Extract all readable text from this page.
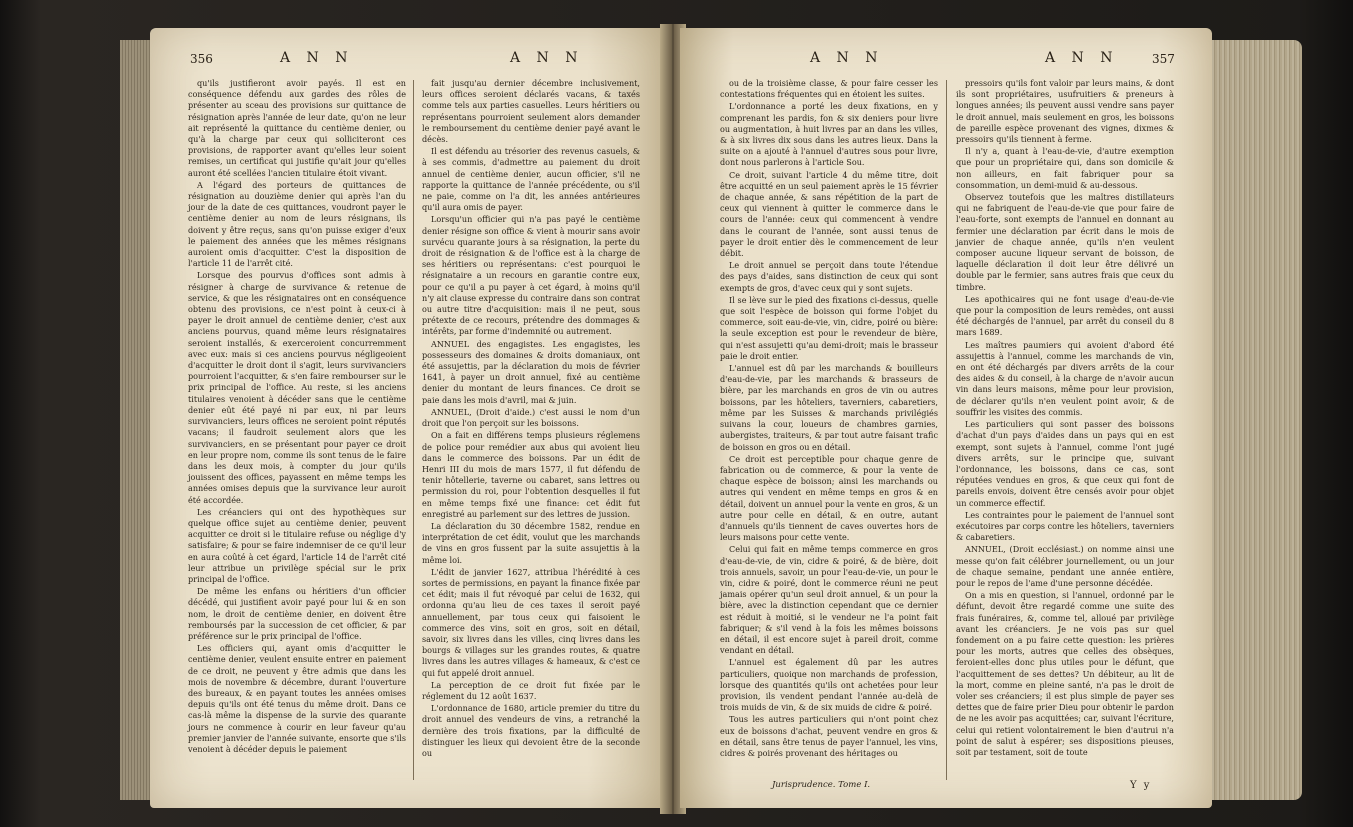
356	A N N	A N N

qu'ils justifieront avoir payés. Il est en conséquence défendu aux gardes des rôles de présenter au sceau des provisions sur quittance de résignation après l'année de leur date, qu'on ne leur ait représenté la quittance du centième denier, ou qu'à la charge par ceux qui solliciteront ces provisions, de rapporter avant qu'elles leur soient remises, un certificat qui justifie qu'ait jour qu'elles auront été scellées l'ancien titulaire étoit vivant.

A l'égard des porteurs de quittances de résignation au douzième denier qui après l'an du jour de la date de ces quittances, voudront payer le centième denier au nom de leurs résignans, ils doivent y être reçus, sans qu'on puisse exiger d'eux le paiement des années que les mêmes résignans auroient omis d'acquitter. C'est la disposition de l'article 11 de l'arrêt cité.

Lorsque des pourvus d'offices sont admis à résigner à charge de survivance & retenue de service, & que les résignataires ont en conséquence obtenu des provisions, ce n'est point à ceux-ci à payer le droit annuel de centième denier, c'est aux anciens pourvus, quand même leurs résignataires seroient installés, & exerceroient concurremment avec eux: mais si ces anciens pourvus négligeoient d'acquitter le droit dont il s'agit, leurs survivanciers pourroient l'acquitter, & s'en faire rembourser sur le prix principal de l'office. Au reste, si les anciens titulaires venoient à décéder sans que le centième denier eût été payé ni par eux, ni par leurs survivanciers, leurs offices ne seroient point réputés vacans; il faudroit seulement alors que les survivanciers, en se présentant pour payer ce droit en leur propre nom, comme ils sont tenus de le faire dans les deux mois, à compter du jour qu'ils jouissent des offices, payassent en même temps les années omises depuis que la survivance leur auroit été accordée.

Les créanciers qui ont des hypothèques sur quelque office sujet au centième denier, peuvent acquitter ce droit si le titulaire refuse ou néglige d'y satisfaire; & pour se faire indemniser de ce qu'il leur en aura coûté à cet égard, l'article 14 de l'arrêt cité leur attribue un privilège spécial sur le prix principal de l'office.

De même les enfans ou héritiers d'un officier décédé, qui justifient avoir payé pour lui & en son nom, le droit de centième denier, en doivent être remboursés par la succession de cet officier, & par préférence sur le prix principal de l'office.

Les officiers qui, ayant omis d'acquitter le centième denier, veulent ensuite entrer en paiement de ce droit, ne peuvent y être admis que dans les mois de novembre & décembre, durant l'ouverture des bureaux, & en payant toutes les années omises depuis qu'ils ont été tenus du même droit. Dans ce cas-là même la dispense de la survie des quarante jours ne commence à courir en leur faveur qu'au premier janvier de l'année suivante, ensorte que s'ils venoient à décéder depuis le paiement

fait jusqu'au dernier décembre inclusivement, leurs offices seroient déclarés vacans, & taxés comme tels aux parties casuelles. Leurs héritiers ou représentans pourroient seulement alors demander le remboursement du centième denier payé avant le décès.

Il est défendu au trésorier des revenus casuels, & à ses commis, d'admettre au paiement du droit annuel de centième denier, aucun officier, s'il ne rapporte la quittance de l'année précédente, ou s'il ne paie, comme on l'a dit, les années antérieures qu'il aura omis de payer.

Lorsqu'un officier qui n'a pas payé le centième denier résigne son office & vient à mourir sans avoir survécu quarante jours à sa résignation, la perte du droit de résignation & de l'office est à la charge de ses héritiers ou représentans: c'est pourquoi le résignataire a un recours en garantie contre eux, pour ce qu'il a pu payer à cet égard, à moins qu'il n'y ait clause expresse du contraire dans son contrat ou autre titre d'acquisition: mais il ne peut, sous prétexte de ce recours, prétendre des dommages & intérêts, par forme d'indemnité ou autrement.

ANNUEL des engagistes. Les engagistes, les possesseurs des domaines & droits domaniaux, ont été assujettis, par la déclaration du mois de février 1641, à payer un droit annuel, fixé au centième denier du montant de leurs finances. Ce droit se paie dans les mois d'avril, mai & juin.

ANNUEL, (Droit d'aide.) c'est aussi le nom d'un droit que l'on perçoit sur les boissons.

On a fait en différens temps plusieurs réglemens de police pour remédier aux abus qui avoient lieu dans le commerce des boissons. Par un édit de Henri III du mois de mars 1577, il fut défendu de tenir hôtellerie, taverne ou cabaret, sans lettres ou permission du roi, pour l'obtention desquelles il fut en même temps fixé une finance: cet édit fut enregistré au parlement sur des lettres de jussion.

La déclaration du 30 décembre 1582, rendue en interprétation de cet édit, voulut que les marchands de vins en gros fussent par la suite assujettis à la même loi.

L'édit de janvier 1627, attribua l'hérédité à ces sortes de permissions, en payant la finance fixée par cet édit; mais il fut révoqué par celui de 1632, qui ordonna qu'au lieu de ces taxes il seroit payé annuellement, par tous ceux qui faisoient le commerce des vins, soit en gros, soit en détail, savoir, six livres dans les villes, cinq livres dans les bourgs & villages sur les grandes routes, & quatre livres dans les autres villages & hameaux, & c'est ce qui fut appelé droit annuel.

La perception de ce droit fut fixée par le réglement du 12 août 1637.

L'ordonnance de 1680, article premier du titre du droit annuel des vendeurs de vins, a retranché la dernière des trois fixations, par la difficulté de distinguer les lieux qui devoient être de la seconde ou

A N N	A N N	357

ou de la troisième classe, & pour faire cesser les contestations fréquentes qui en étoient les suites.

L'ordonnance a porté les deux fixations, en y comprenant les pardis, fon & six deniers pour livre ou augmentation, à huit livres par an dans les villes, & à six livres dix sous dans les autres lieux. Dans la suite on a ajouté à l'annuel d'autres sous pour livre, dont nous parlerons à l'article Sou.

Ce droit, suivant l'article 4 du même titre, doit être acquitté en un seul paiement après le 15 février de chaque année, & sans répétition de la part de ceux qui viennent à quitter le commerce dans le cours de l'année: ceux qui commencent à vendre dans le courant de l'année, sont aussi tenus de payer le droit entier dès le commencement de leur débit.

Le droit annuel se perçoit dans toute l'étendue des pays d'aides, sans distinction de ceux qui sont exempts de gros, d'avec ceux qui y sont sujets.

Il se lève sur le pied des fixations ci-dessus, quelle que soit l'espèce de boisson qui forme l'objet du commerce, soit eau-de-vie, vin, cidre, poiré ou bière: la seule exception est pour le revendeur de bière, qui n'est assujetti qu'au demi-droit; mais le brasseur paie le droit entier.

L'annuel est dû par les marchands & bouilleurs d'eau-de-vie, par les marchands & brasseurs de bière, par les marchands en gros de vin ou autres boissons, par les hôteliers, taverniers, cabaretiers, même par les Suisses & marchands privilégiés suivans la cour, loueurs de chambres garnies, aubergistes, traiteurs, & par tout autre faisant trafic de boisson en gros ou en détail.

Ce droit est perceptible pour chaque genre de fabrication ou de commerce, & pour la vente de chaque espèce de boisson; ainsi les marchands ou autres qui vendent en même temps en gros & en détail, doivent un annuel pour la vente en gros, & un autre pour celle en détail, & en outre, autant d'annuels qu'ils tiennent de caves ouvertes hors de leurs maisons pour cette vente.

Celui qui fait en même temps commerce en gros d'eau-de-vie, de vin, cidre & poiré, & de bière, doit trois annuels, savoir, un pour l'eau-de-vie, un pour le vin, cidre & poiré, dont le commerce réuni ne peut jamais opérer qu'un seul droit annuel, & un pour la bière, avec la distinction cependant que ce dernier est réduit à moitié, si le vendeur ne l'a point fait fabriquer; & s'il vend à la fois les mêmes boissons en détail, il est encore sujet à pareil droit, comme vendant en détail.

L'annuel est également dû par les autres particuliers, quoique non marchands de profession, lorsque des quantités qu'ils ont achetées pour leur provision, ils vendent pendant l'année au-delà de trois muids de vin, & de six muids de cidre & poiré.

Tous les autres particuliers qui n'ont point chez eux de boissons d'achat, peuvent vendre en gros & en détail, sans être tenus de payer l'annuel, les vins, cidres & poirés provenant des héritages ou

pressoirs qu'ils font valoir par leurs mains, & dont ils sont propriétaires, usufruitiers & preneurs à longues années; ils peuvent aussi vendre sans payer le droit annuel, mais seulement en gros, les boissons de pareille espèce provenant des vignes, dixmes & pressoirs qu'ils tiennent à ferme.

Il n'y a, quant à l'eau-de-vie, d'autre exemption que pour un propriétaire qui, dans son domicile & non ailleurs, en fait fabriquer pour sa consommation, un demi-muid & au-dessous.

Observez toutefois que les maîtres distillateurs qui ne fabriquent de l'eau-de-vie que pour faire de l'eau-forte, sont exempts de l'annuel en donnant au fermier une déclaration par écrit dans le mois de janvier de chaque année, qu'ils n'en veulent composer aucune liqueur servant de boisson, de laquelle déclaration il doit leur être délivré un double par le fermier, sans autres frais que ceux du timbre.

Les apothicaires qui ne font usage d'eau-de-vie que pour la composition de leurs remèdes, ont aussi été déchargés de l'annuel, par arrêt du conseil du 8 mars 1689.

Les maîtres paumiers qui avoient d'abord été assujettis à l'annuel, comme les marchands de vin, en ont été déchargés par divers arrêts de la cour des aides & du conseil, à la charge de n'avoir aucun vin dans leurs maisons, même pour leur provision, de déclarer qu'ils n'en veulent point avoir, & de souffrir les visites des commis.

Les particuliers qui sont passer des boissons d'achat d'un pays d'aides dans un pays qui en est exempt, sont sujets à l'annuel, comme l'ont jugé divers arrêts, sur le principe que, suivant l'ordonnance, les boissons, dans ce cas, sont réputées vendues en gros, & que ceux qui font de pareils envois, doivent être censés avoir pour objet un commerce effectif.

Les contraintes pour le paiement de l'annuel sont exécutoires par corps contre les hôteliers, taverniers & cabaretiers.

ANNUEL, (Droit ecclésiast.) on nomme ainsi une messe qu'on fait célébrer journellement, ou un jour de chaque semaine, pendant une année entière, pour le repos de l'ame d'une personne décédée.

On a mis en question, si l'annuel, ordonné par le défunt, devoit être regardé comme une suite des frais funéraires, &, comme tel, alloué par privilège avant les créanciers. Je ne vois pas sur quel fondement on a pu faire cette question: les prières pour les morts, autres que celles des obsèques, feroient-elles donc plus utiles pour le défunt, que l'acquittement de ses dettes? Un débiteur, au lit de la mort, comme en pleine santé, n'a pas le droit de voler ses créanciers; il est plus simple de payer ses dettes que de faire prier Dieu pour obtenir le pardon de ne les avoir pas acquittées; car, suivant l'écriture, celui qui retient volontairement le bien d'autrui n'a point de salut à espérer; ses dispositions pieuses, soit par testament, soit de toute

Jurisprudence. Tome I.	Y y
